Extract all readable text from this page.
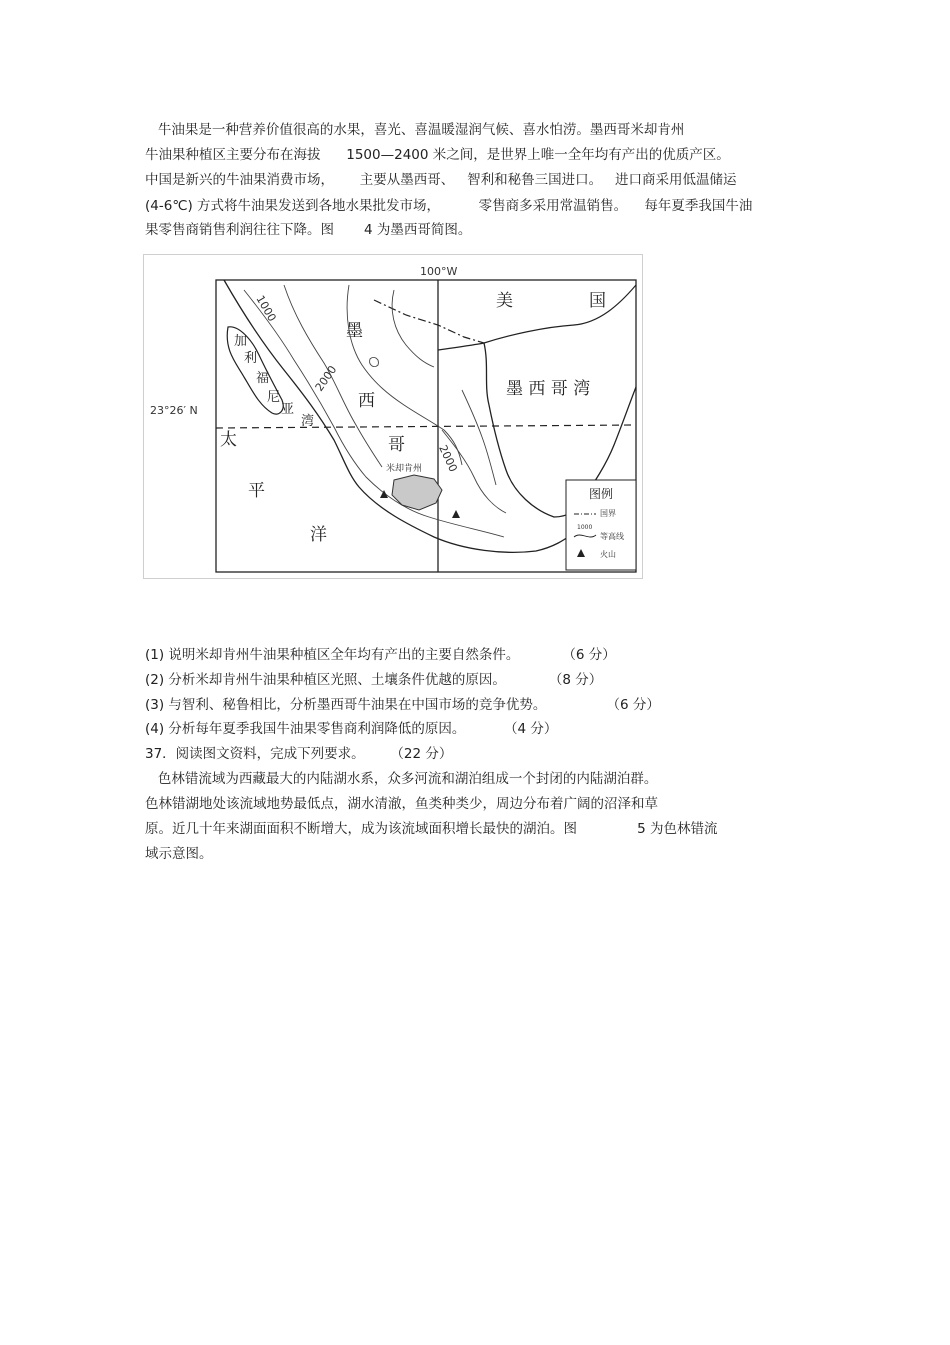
牛油果是一种营养价值很高的水果，喜光、喜温暖湿润气候、喜水怕涝。墨西哥米却肯州
牛油果种植区主要分布在海拔      1500—2400 米之间，是世界上唯一全年均有产出的优质产区。
中国是新兴的牛油果消费市场，      主要从墨西哥、   智利和秘鲁三国进口。   进口商采用低温储运
(4-6℃) 方式将牛油果发送到各地水果批发市场，         零售商多采用常温销售。    每年夏季我国牛油
果零售商销售利润往往下降。图       4 为墨西哥简图。
100°W
23°26′ N
1000
2000
2000
墨
西
哥
美	国
墨 西 哥 湾
加
利
福
尼
亚
湾
太
平
洋
米却肯州
图例
国界
1000
等高线
火山
(1) 说明米却肯州牛油果种植区全年均有产出的主要自然条件。          （6 分）
(2) 分析米却肯州牛油果种植区光照、土壤条件优越的原因。          （8 分）
(3) 与智利、秘鲁相比，分析墨西哥牛油果在中国市场的竞争优势。              （6 分）
(4) 分析每年夏季我国牛油果零售商利润降低的原因。         （4 分）
37．阅读图文资料，完成下列要求。      （22 分）
色林错流域为西藏最大的内陆湖水系，众多河流和湖泊组成一个封闭的内陆湖泊群。
色林错湖地处该流域地势最低点，湖水清澈，鱼类种类少，周边分布着广阔的沼泽和草
原。近几十年来湖面面积不断增大，成为该流域面积增长最快的湖泊。图              5 为色林错流
域示意图。
